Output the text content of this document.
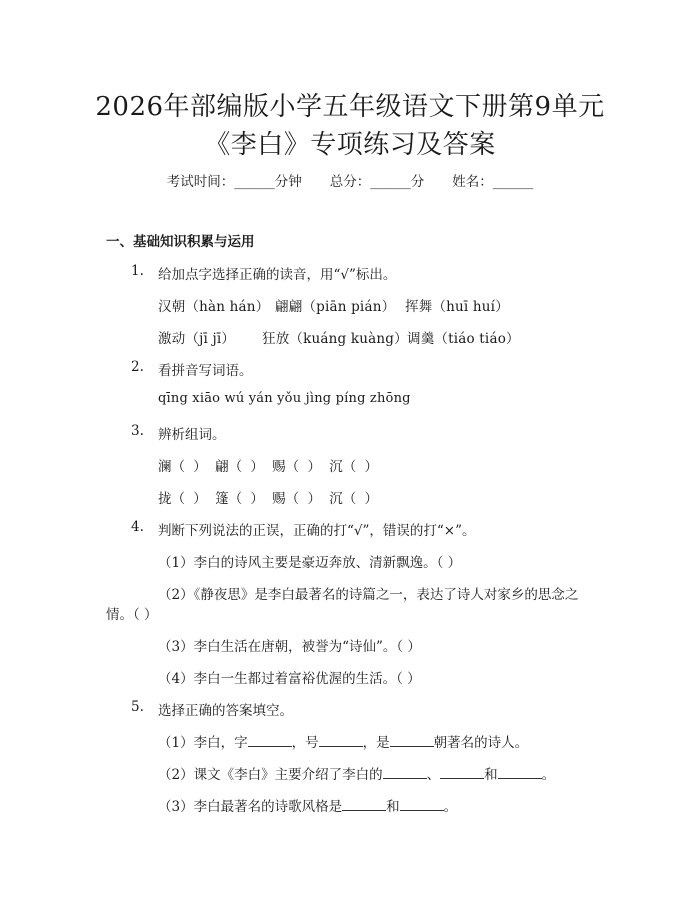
2026年部编版小学五年级语文下册第9单元
《李白》专项练习及答案
考试时间：______分钟 总分：______分 姓名：______
一、基础知识积累与运用
1. 给加点字选择正确的读音，用“√”标出。
汉朝（hàn hán） 翩翩（piān pián） 挥舞（huī huí）
激动（jī jī） 狂放（kuáng kuàng） 调羹（tiáo tiáo）
2. 看拼音写词语。
qīng xiāo wú yán yǒu jìng píng zhōng
3. 辨析组词。
澜（ ） 翩（ ） 赐（ ） 沉（ ）
拢（ ） 篷（ ） 赐（ ） 沉（ ）
4. 判断下列说法的正误，正确的打“√”，错误的打“×”。
（1）李白的诗风主要是豪迈奔放、清新飘逸。（ ）
（2）《静夜思》是李白最著名的诗篇之一，表达了诗人对家乡的思念之
情。（ ）
（3）李白生活在唐朝，被誉为“诗仙”。（ ）
（4）李白一生都过着富裕优渥的生活。（ ）
5. 选择正确的答案填空。
（1）李白，字	，号	，是	朝著名的诗人。
（2）课文《李白》主要介绍了李白的	、	和	。
（3）李白最著名的诗歌风格是	和	。
